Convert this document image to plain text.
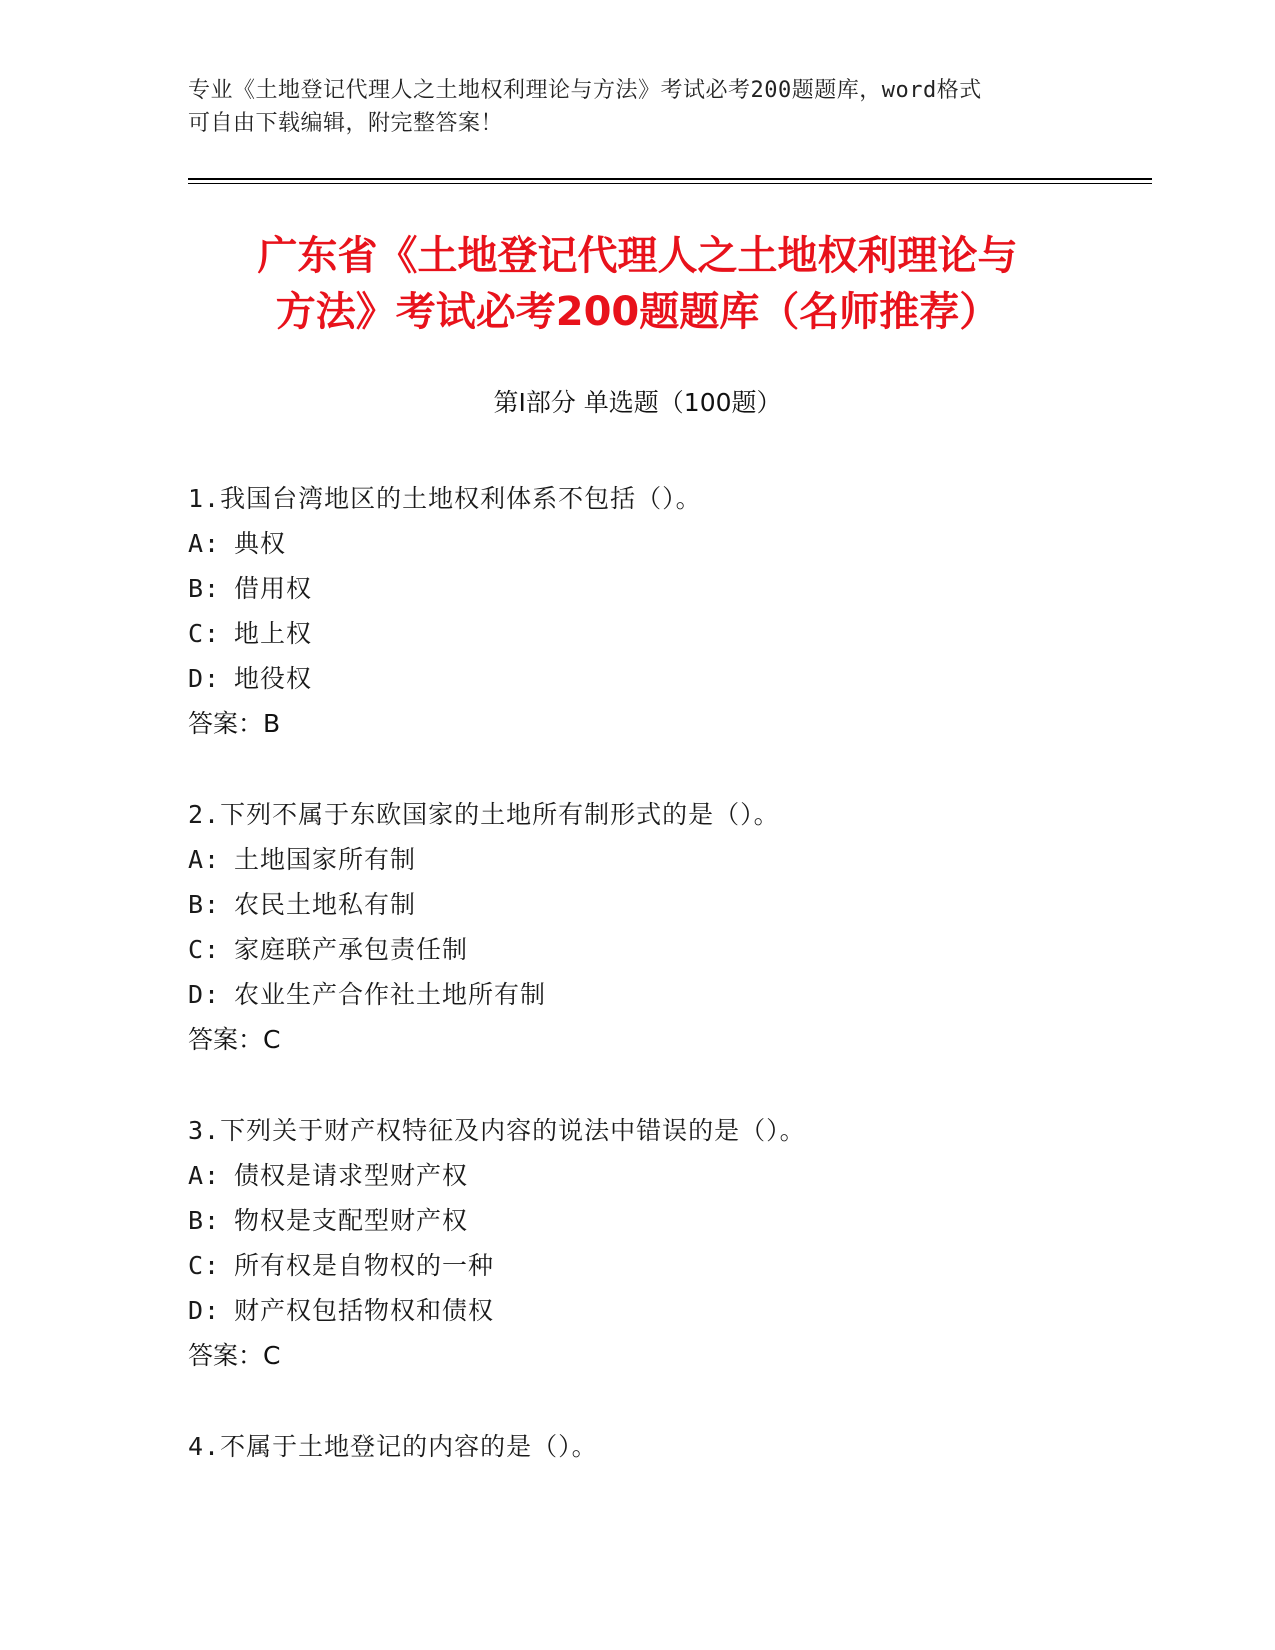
专业《土地登记代理人之土地权利理论与方法》考试必考200题题库，word格式
可自由下载编辑，附完整答案！
广东省《土地登记代理人之土地权利理论与
方法》考试必考200题题库（名师推荐）
第Ⅰ部分 单选题（100题）
1.我国台湾地区的土地权利体系不包括（）。
A: 典权
B: 借用权
C: 地上权
D: 地役权
答案：B
2.下列不属于东欧国家的土地所有制形式的是（）。
A: 土地国家所有制
B: 农民土地私有制
C: 家庭联产承包责任制
D: 农业生产合作社土地所有制
答案：C
3.下列关于财产权特征及内容的说法中错误的是（）。
A: 债权是请求型财产权
B: 物权是支配型财产权
C: 所有权是自物权的一种
D: 财产权包括物权和债权
答案：C
4.不属于土地登记的内容的是（）。
